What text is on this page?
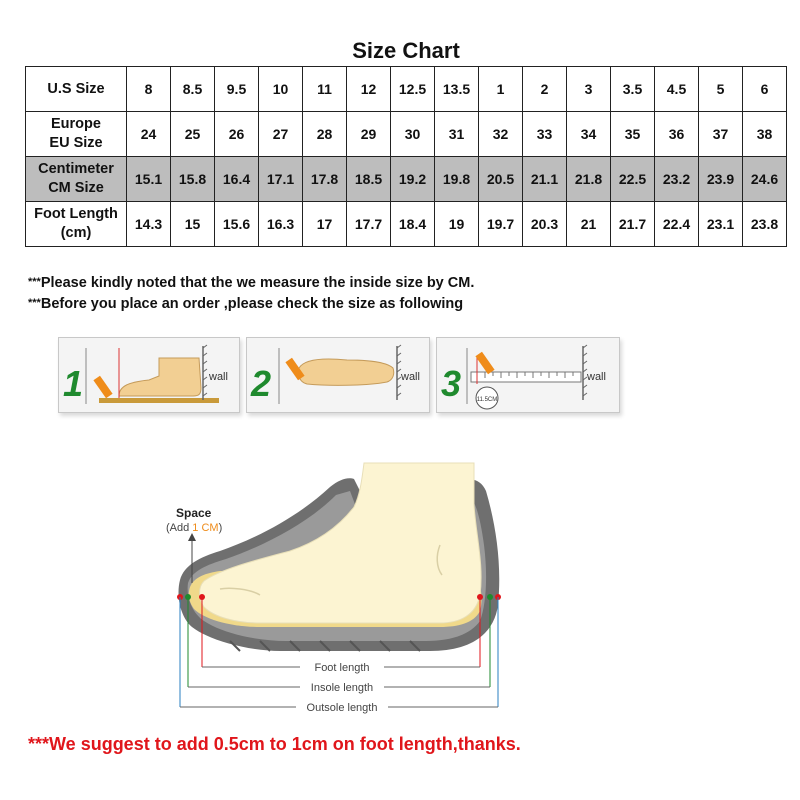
Size Chart
U.S Size	8	8.5	9.5	10	11	12	12.5	13.5	1	2	3	3.5	4.5	5	6

Europe
EU Size	24	25	26	27	28	29	30	31	32	33	34	35	36	37	38

Centimeter
CM Size	15.1	15.8	16.4	17.1	17.8	18.5	19.2	19.8	20.5	21.1	21.8	22.5	23.2	23.9	24.6

Foot Length
(cm)	14.3	15	15.6	16.3	17	17.7	18.4	19	19.7	20.3	21	21.7	22.4	23.1	23.8
***Please kindly noted that the we measure the inside size by CM.
***Before you place an order ,please check the size as following
1	wall 2	wall 3	wall
11.5CM
Space
(Add 1 CM)
Foot length
Insole length
Outsole length
***We suggest to add 0.5cm to 1cm on foot length,thanks.
